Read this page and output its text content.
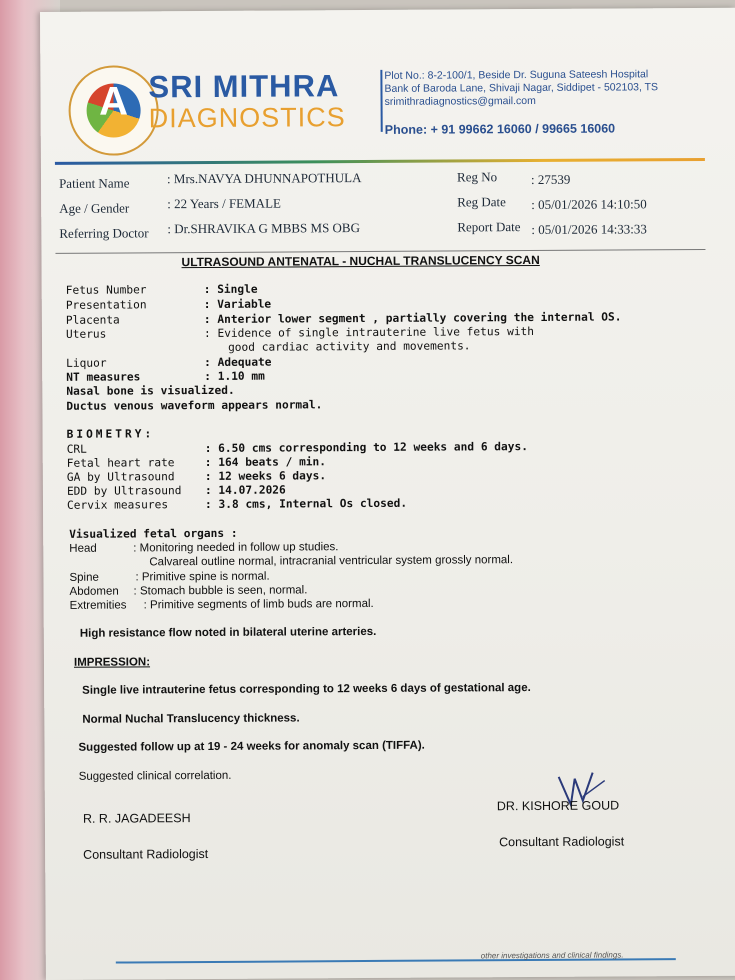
A SRI MITHRA
DIAGNOSTICS
Plot No.: 8-2-100/1, Beside Dr. Suguna Sateesh Hospital
Bank of Baroda Lane, Shivaji Nagar, Siddipet - 502103, TS
srimithradiagnostics@gmail.com
Phone: + 91 99662 16060 / 99665 16060
Patient Name	: Mrs.NAVYA DHUNNAPOTHULA
Age / Gender	: 22 Years / FEMALE
Referring Doctor : Dr.SHRAVIKA G MBBS MS OBG
Reg No	: 27539
Reg Date : 05/01/2026 14:10:50
Report Date : 05/01/2026 14:33:33
ULTRASOUND ANTENATAL - NUCHAL TRANSLUCENCY SCAN
Fetus Number	: Single
Presentation	: Variable
Placenta	: Anterior lower segment , partially covering the internal OS.
Uterus	: Evidence of single intrauterine live fetus with
good cardiac activity and movements.
Liquor	: Adequate
NT measures	: 1.10 mm
Nasal bone is visualized.
Ductus venous waveform appears normal.
BIOMETRY:
CRL	: 6.50 cms corresponding to 12 weeks and 6 days.
Fetal heart rate	: 164 beats / min.
GA by Ultrasound	: 12 weeks 6 days.
EDD by Ultrasound : 14.07.2026
Cervix measures	: 3.8 cms, Internal Os closed.
Visualized fetal organs :
Head	: Monitoring needed in follow up studies.
Calvareal outline normal, intracranial ventricular system grossly normal.
Spine	: Primitive spine is normal.
Abdomen : Stomach bubble is seen, normal.
Extremities : Primitive segments of limb buds are normal.
High resistance flow noted in bilateral uterine arteries.
IMPRESSION:
Single live intrauterine fetus corresponding to 12 weeks 6 days of gestational age.
Normal Nuchal Translucency thickness.
Suggested follow up at 19 - 24 weeks for anomaly scan (TIFFA).
Suggested clinical correlation.
R. R. JAGADEESH
Consultant Radiologist
DR. KISHORE GOUD
Consultant Radiologist
other investigations and clinical findings.
